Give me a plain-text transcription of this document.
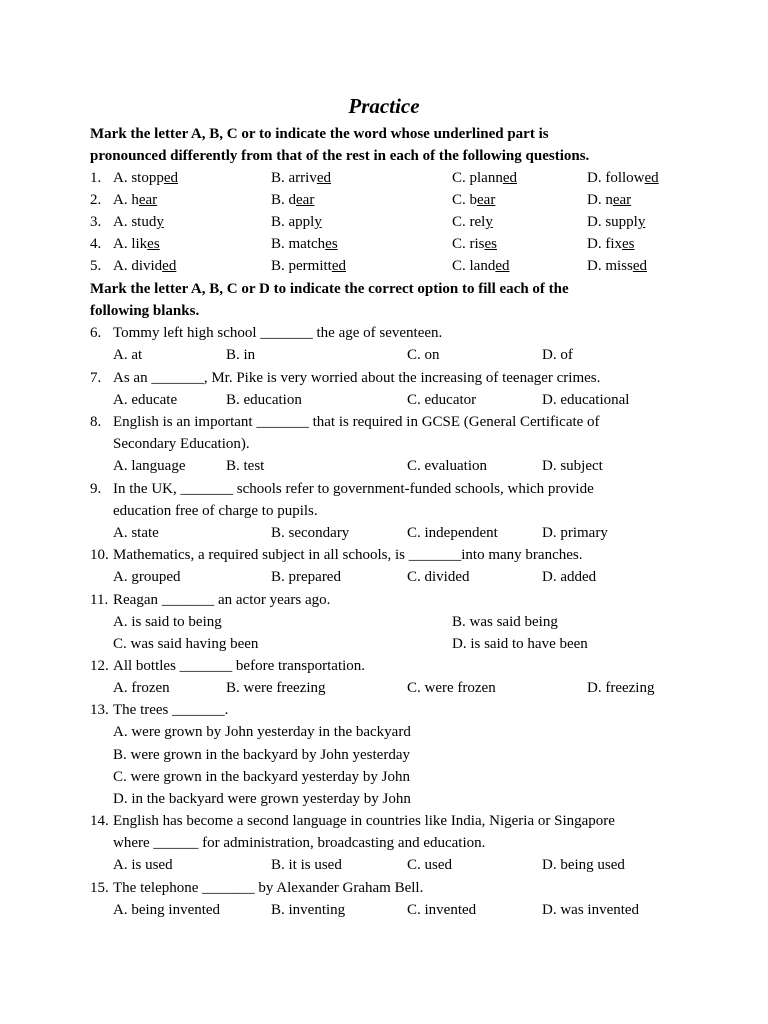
Practice
Mark the letter A, B, C or to indicate the word whose underlined part is
pronounced differently from that of the rest in each of the following questions.
1. A. stopped	B. arrived	C. planned	D. followed
2. A. hear	B. dear	C. bear	D. near
3. A. study	B. apply	C. rely	D. supply
4. A. likes	B. matches	C. rises	D. fixes
5. A. divided	B. permitted	C. landed	D. missed
Mark the letter A, B, C or D to indicate the correct option to fill each of the
following blanks.
6. Tommy left high school _______ the age of seventeen.
A. at	B. in	C. on	D. of
7. As an _______, Mr. Pike is very worried about the increasing of teenager crimes.
A. educate	B. education	C. educator	D. educational
8. English is an important _______ that is required in GCSE (General Certificate of
Secondary Education).
A. language	B. test	C. evaluation	D. subject
9. In the UK, _______ schools refer to government-funded schools, which provide
education free of charge to pupils.
A. state	B. secondary	C. independent	D. primary
10. Mathematics, a required subject in all schools, is _______into many branches.
A. grouped	B. prepared	C. divided	D. added
11. Reagan _______ an actor years ago.
A. is said to being	B. was said being
C. was said having been	D. is said to have been
12. All bottles _______ before transportation.
A. frozen	B. were freezing	C. were frozen	D. freezing
13. The trees _______.
A. were grown by John yesterday in the backyard
B. were grown in the backyard by John yesterday
C. were grown in the backyard yesterday by John
D. in the backyard were grown yesterday by John
14. English has become a second language in countries like India, Nigeria or Singapore
where ______ for administration, broadcasting and education.
A. is used	B. it is used	C. used	D. being used
15. The telephone _______ by Alexander Graham Bell.
A. being invented	B. inventing	C. invented	D. was invented
